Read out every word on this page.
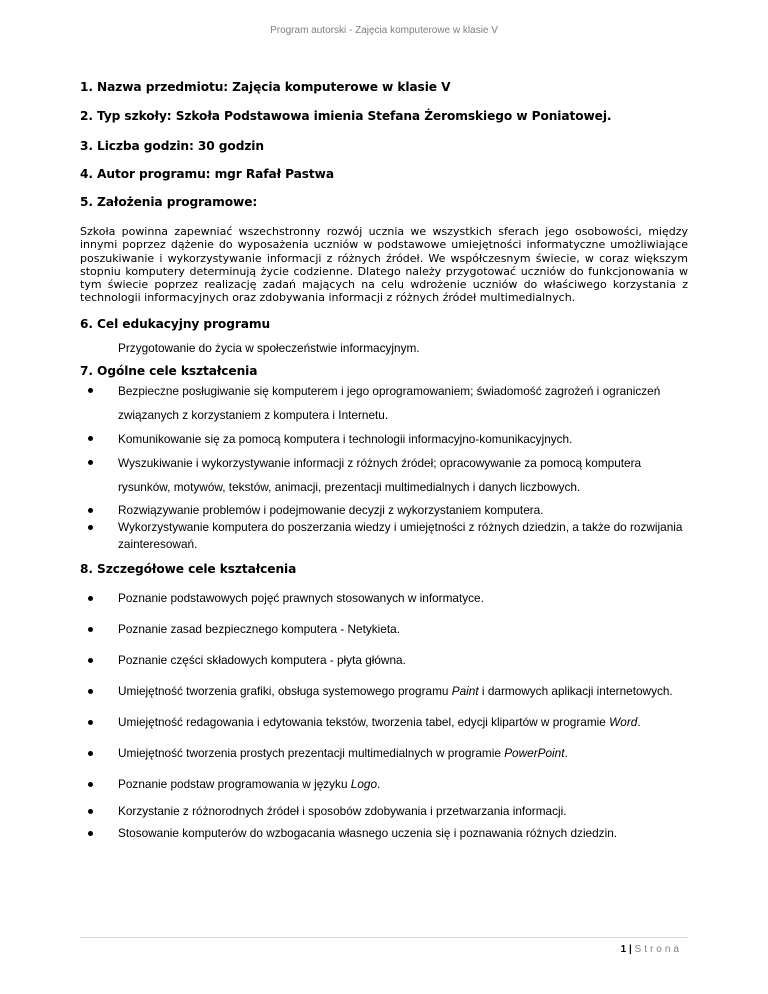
Program autorski - Zajęcia komputerowe w klasie V

1. Nazwa przedmiotu: Zajęcia komputerowe w klasie V

2. Typ szkoły: Szkoła Podstawowa imienia Stefana Żeromskiego w Poniatowej.

3. Liczba godzin: 30 godzin

4. Autor programu: mgr Rafał Pastwa

5. Założenia programowe:

Szkoła powinna zapewniać wszechstronny rozwój ucznia we wszystkich sferach jego osobowości, między innymi poprzez dążenie do wyposażenia uczniów w podstawowe umiejętności informatyczne umożliwiające poszukiwanie i wykorzystywanie informacji z różnych źródeł. We współczesnym świecie, w coraz większym stopniu komputery determinują życie codzienne. Dlatego należy przygotować uczniów do funkcjonowania w tym świecie poprzez realizację zadań mających na celu wdrożenie uczniów do właściwego korzystania z technologii informacyjnych oraz zdobywania informacji z różnych źródeł multimedialnych.

6. Cel edukacyjny programu

Przygotowanie do życia w społeczeństwie informacyjnym.

7. Ogólne cele kształcenia

Bezpieczne posługiwanie się komputerem i jego oprogramowaniem; świadomość zagrożeń i ograniczeń związanych z korzystaniem z komputera i Internetu.
Komunikowanie się za pomocą komputera i technologii informacyjno-komunikacyjnych.
Wyszukiwanie i wykorzystywanie informacji z różnych źródeł; opracowywanie za pomocą komputera rysunków, motywów, tekstów, animacji, prezentacji multimedialnych i danych liczbowych.
Rozwiązywanie problemów i podejmowanie decyzji z wykorzystaniem komputera.
Wykorzystywanie komputera do poszerzania wiedzy i umiejętności z różnych dziedzin, a także do rozwijania zainteresowań.

8. Szczegółowe cele kształcenia

Poznanie podstawowych pojęć prawnych stosowanych w informatyce.
Poznanie zasad bezpiecznego komputera - Netykieta.
Poznanie części składowych komputera - płyta główna.
Umiejętność tworzenia grafiki, obsługa systemowego programu Paint i darmowych aplikacji internetowych.
Umiejętność redagowania i edytowania tekstów, tworzenia tabel, edycji klipartów w programie Word.
Umiejętność tworzenia prostych prezentacji multimedialnych w programie PowerPoint.
Poznanie podstaw programowania w języku Logo.
Korzystanie z różnorodnych źródeł i sposobów zdobywania i przetwarzania informacji.
Stosowanie komputerów do wzbogacania własnego uczenia się i poznawania różnych dziedzin.
1 | Strona
